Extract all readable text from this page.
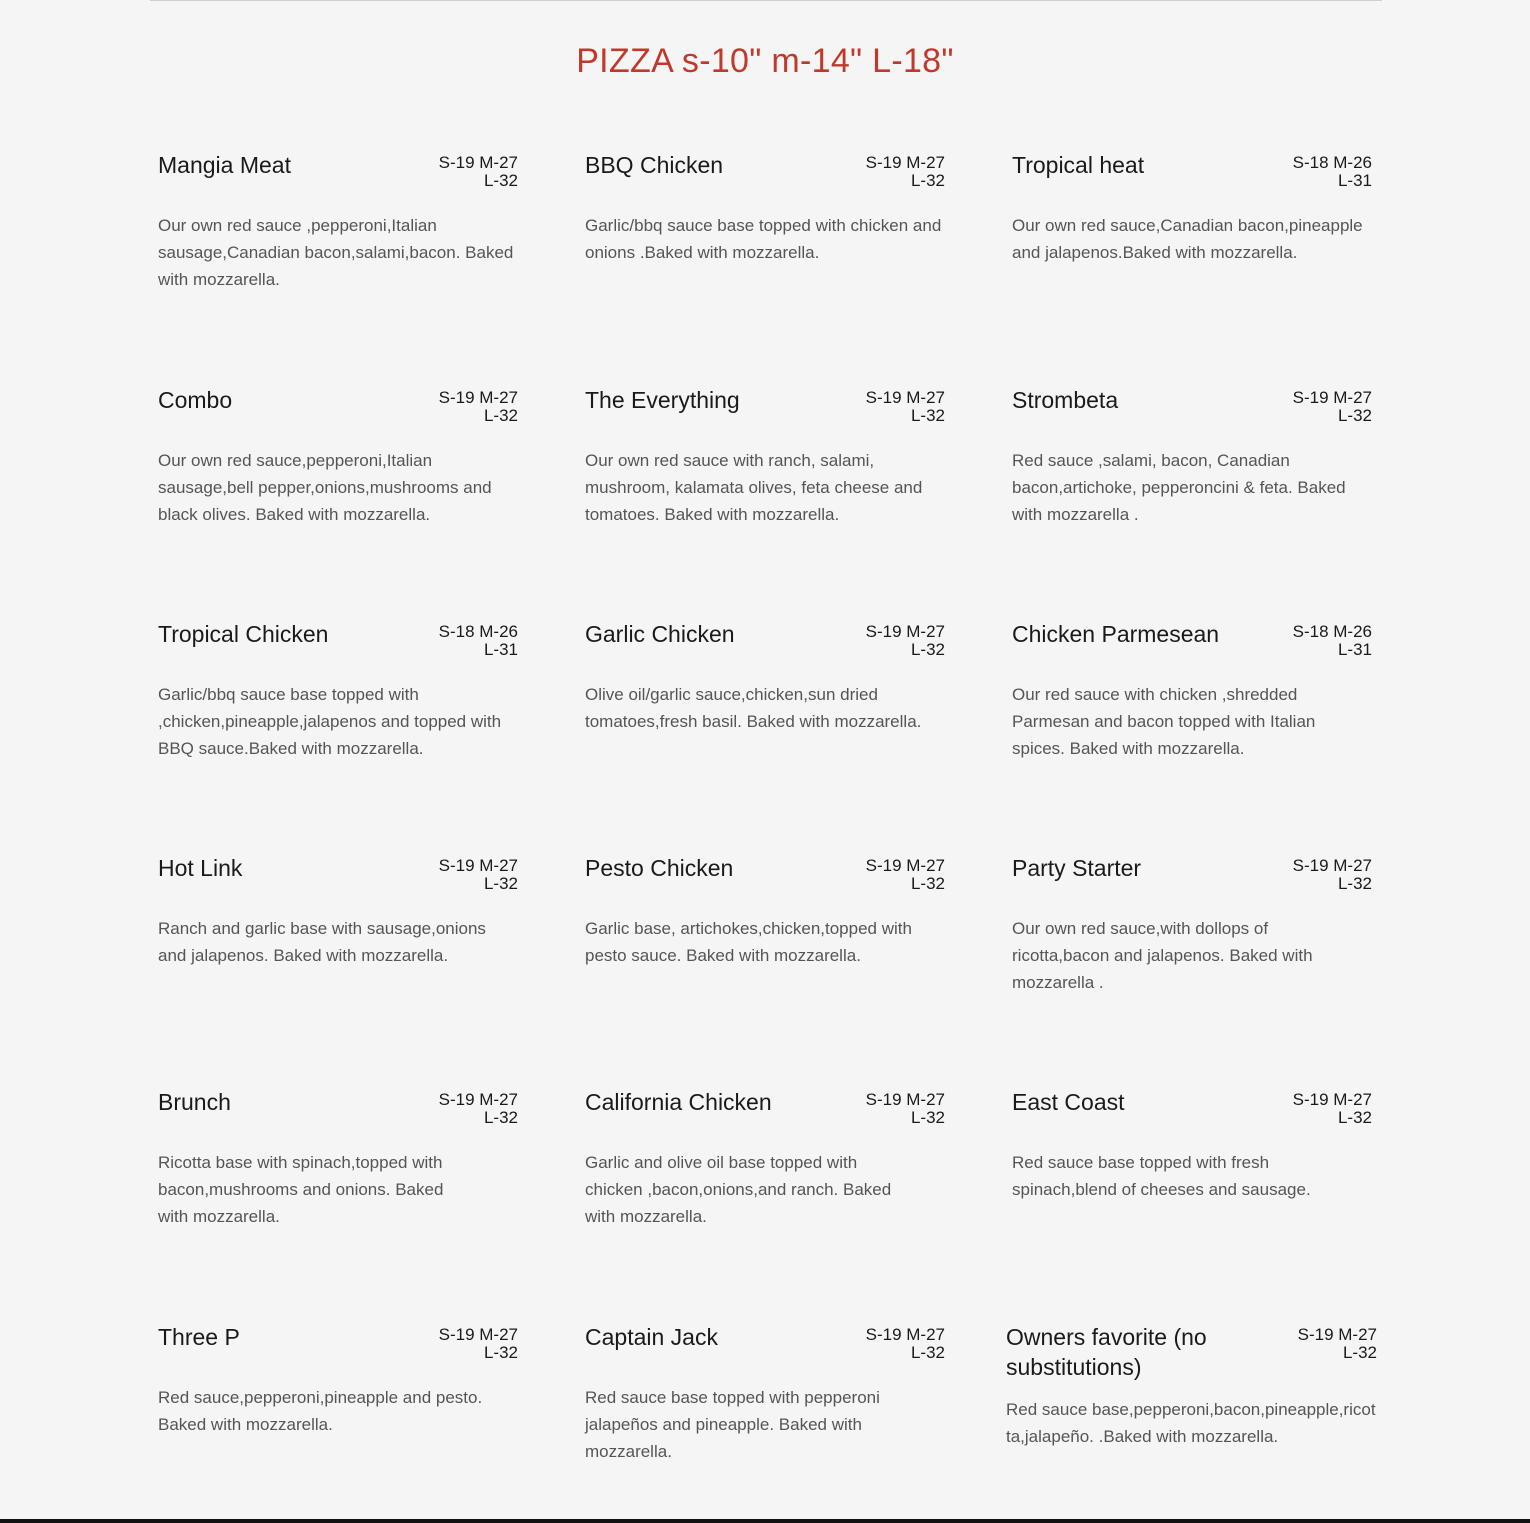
PIZZA s-10" m-14" L-18"
Mangia Meat	S-19 M-27
L-32
Our own red sauce ,pepperoni,Italian sausage,Canadian bacon,salami,bacon. Baked with mozzarella.
BBQ Chicken	S-19 M-27
L-32
Garlic/bbq sauce base topped with chicken and onions .Baked with mozzarella.
Tropical heat	S-18 M-26
L-31
Our own red sauce,Canadian bacon,pineapple and jalapenos.Baked with mozzarella.
Combo	S-19 M-27
L-32
Our own red sauce,pepperoni,Italian sausage,bell pepper,onions,mushrooms and black olives. Baked with mozzarella.
The Everything	S-19 M-27
L-32
Our own red sauce with ranch, salami, mushroom, kalamata olives, feta cheese and tomatoes. Baked with mozzarella.
Strombeta	S-19 M-27
L-32
Red sauce ,salami, bacon, Canadian bacon,artichoke, pepperoncini & feta. Baked with mozzarella .
Tropical Chicken	S-18 M-26
L-31
Garlic/bbq sauce base topped with ,chicken,pineapple,jalapenos and topped with BBQ sauce.Baked with mozzarella.
Garlic Chicken	S-19 M-27
L-32
Olive oil/garlic sauce,chicken,sun dried tomatoes,fresh basil. Baked with mozzarella.
Chicken Parmesean	S-18 M-26
L-31
Our red sauce with chicken ,shredded Parmesan and bacon topped with Italian spices. Baked with mozzarella.
Hot Link	S-19 M-27
L-32
Ranch and garlic base with sausage,onions and jalapenos. Baked with mozzarella.
Pesto Chicken	S-19 M-27
L-32
Garlic base, artichokes,chicken,topped with pesto sauce. Baked with mozzarella.
Party Starter	S-19 M-27
L-32
Our own red sauce,with dollops of ricotta,bacon and jalapenos. Baked with mozzarella .
Brunch	S-19 M-27
L-32
Ricotta base with spinach,topped with bacon,mushrooms and onions. Baked with mozzarella.
California Chicken	S-19 M-27
L-32
Garlic and olive oil base topped with chicken ,bacon,onions,and ranch. Baked with mozzarella.
East Coast	S-19 M-27
L-32
Red sauce base topped with fresh spinach,blend of cheeses and sausage.
Three P	S-19 M-27
L-32
Red sauce,pepperoni,pineapple and pesto. Baked with mozzarella.
Captain Jack	S-19 M-27
L-32
Red sauce base topped with pepperoni jalapeños and pineapple. Baked with mozzarella.
Owners favorite (no substitutions)
S-19 M-27
L-32
Red sauce base,pepperoni,bacon,pineapple,ricotta,jalapeño. .Baked with mozzarella.
